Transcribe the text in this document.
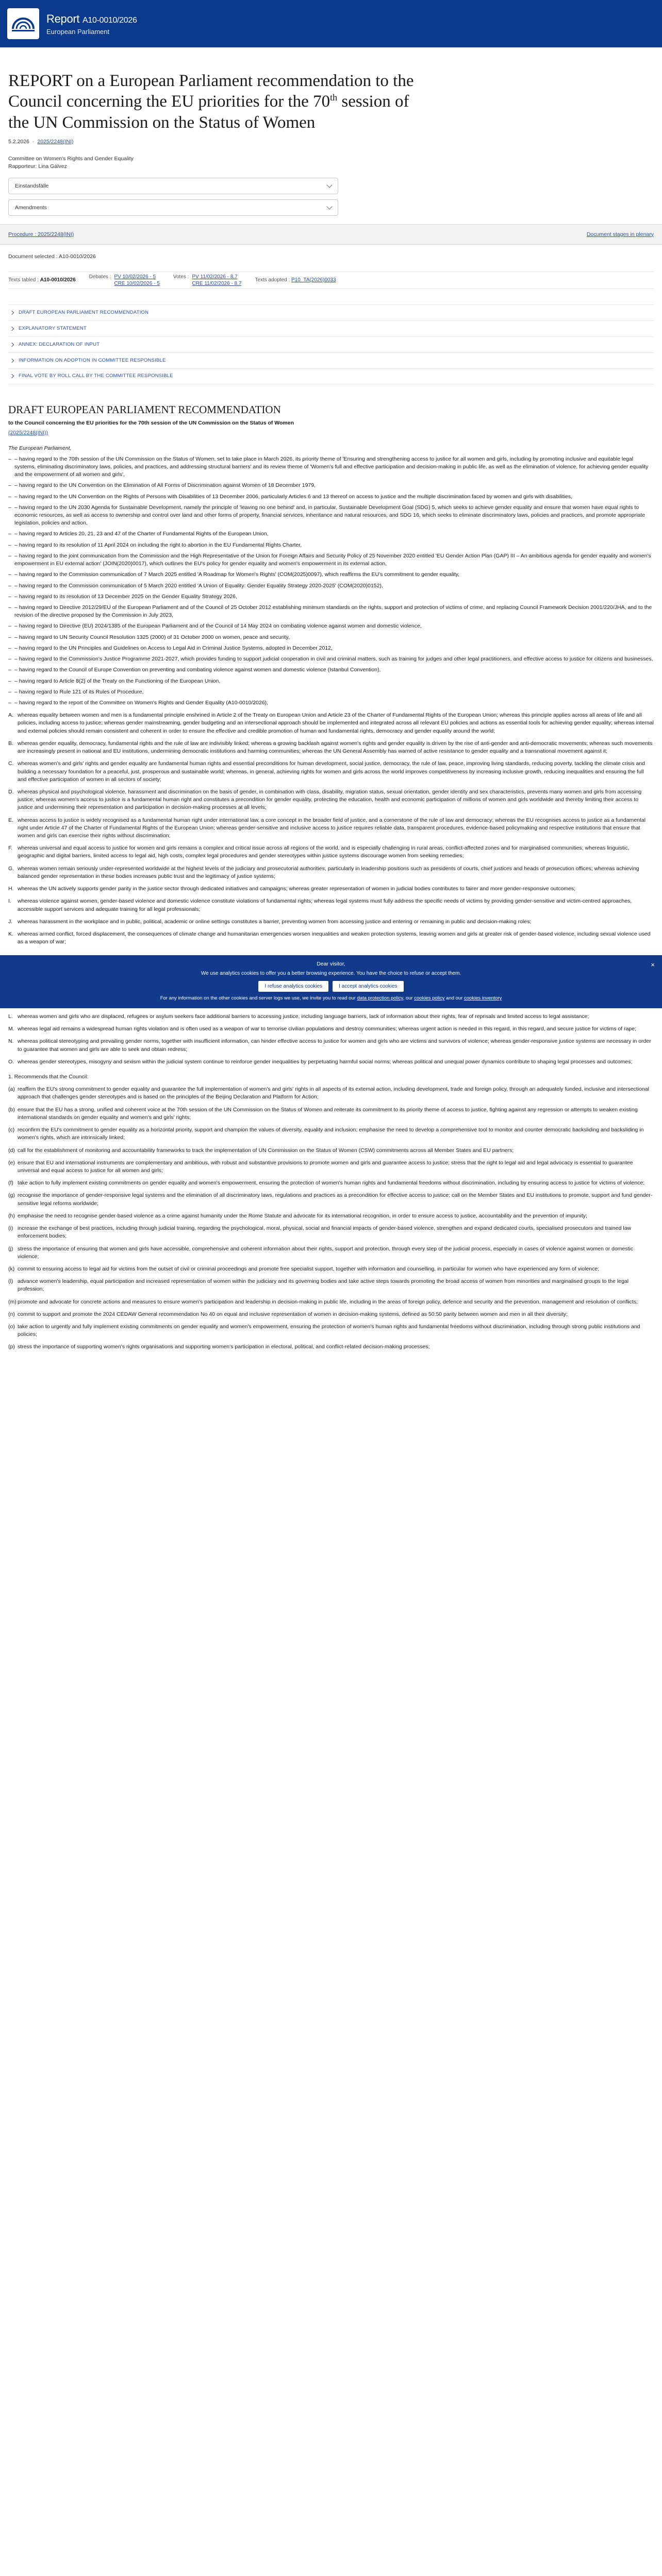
Report A10-0010/2026
European Parliament
REPORT on a European Parliament recommendation to the Council concerning the EU priorities for the 70th session of the UN Commission on the Status of Women
5.2.2026 - 2025/2248(INI)
Committee on Women's Rights and Gender Equality
Rapporteur: Lina Gálvez
Einstandsfälle
Amendments
Procedure : 2025/2248(INI)	Document stages in plenary
Document selected : A10-0010/2026
Texts tabled : A10-0010/2026
Debates : PV 10/02/2026 - 5
CRE 10/02/2026 - 5
Votes : PV 11/02/2026 - 8.7
CRE 11/02/2026 - 8.7
Texts adopted : P10_TA(2026)0033
DRAFT EUROPEAN PARLIAMENT RECOMMENDATION
EXPLANATORY STATEMENT
ANNEX: DECLARATION OF INPUT
INFORMATION ON ADOPTION IN COMMITTEE RESPONSIBLE
FINAL VOTE BY ROLL CALL BY THE COMMITTEE RESPONSIBLE
DRAFT EUROPEAN PARLIAMENT RECOMMENDATION
to the Council concerning the EU priorities for the 70th session of the UN Commission on the Status of Women
(2025/2248(INI))
The European Parliament,
– – having regard to the 70th session of the UN Commission on the Status of Women, set to take place in March 2026, its priority theme of 'Ensuring and strengthening access to justice for all women and girls, including by promoting inclusive and equitable legal systems, eliminating discriminatory laws, policies, and practices, and addressing structural barriers' and its review theme of 'Women's full and effective participation and decision-making in public life, as well as the elimination of violence, for achieving gender equality and the empowerment of all women and girls',
– – having regard to the UN Convention on the Elimination of All Forms of Discrimination against Women of 18 December 1979,
– – having regard to the UN Convention on the Rights of Persons with Disabilities of 13 December 2006, particularly Articles 6 and 13 thereof on access to justice and the multiple discrimination faced by women and girls with disabilities,
– – having regard to the UN 2030 Agenda for Sustainable Development, namely the principle of 'leaving no one behind' and, in particular, Sustainable Development Goal (SDG) 5, which seeks to achieve gender equality and ensure that women have equal rights to economic resources, as well as access to ownership and control over land and other forms of property, financial services, inheritance and natural resources, and SDG 16, which seeks to eliminate discriminatory laws, policies and practices, and promote appropriate legislation, policies and action,
– – having regard to Articles 20, 21, 23 and 47 of the Charter of Fundamental Rights of the European Union,
– – having regard to its resolution of 11 April 2024 on including the right to abortion in the EU Fundamental Rights Charter,
– – having regard to the joint communication from the Commission and the High Representative of the Union for Foreign Affairs and Security Policy of 25 November 2020 entitled 'EU Gender Action Plan (GAP) III – An ambitious agenda for gender equality and women's empowerment in EU external action' (JOIN(2020)0017), which outlines the EU's policy for gender equality and women's empowerment in its external action,
– – having regard to the Commission communication of 7 March 2025 entitled 'A Roadmap for Women's Rights' (COM(2025)0097), which reaffirms the EU's commitment to gender equality,
– – having regard to the Commission communication of 5 March 2020 entitled 'A Union of Equality: Gender Equality Strategy 2020-2025' (COM(2020)0152),
– – having regard to its resolution of 13 December 2025 on the Gender Equality Strategy 2026,
– – having regard to Directive 2012/29/EU of the European Parliament and of the Council of 25 October 2012 establishing minimum standards on the rights, support and protection of victims of crime, and replacing Council Framework Decision 2001/220/JHA, and to the revision of the directive proposed by the Commission in July 2023,
– – having regard to Directive (EU) 2024/1385 of the European Parliament and of the Council of 14 May 2024 on combating violence against women and domestic violence,
– – having regard to UN Security Council Resolution 1325 (2000) of 31 October 2000 on women, peace and security,
– – having regard to the UN Principles and Guidelines on Access to Legal Aid in Criminal Justice Systems, adopted in December 2012,
– – having regard to the Commission's Justice Programme 2021-2027, which provides funding to support judicial cooperation in civil and criminal matters, such as training for judges and other legal practitioners, and effective access to justice for citizens and businesses,
– – having regard to the Council of Europe Convention on preventing and combating violence against women and domestic violence (Istanbul Convention),
– – having regard to Article 8(2) of the Treaty on the Functioning of the European Union,
– – having regard to Rule 121 of its Rules of Procedure,
– – having regard to the report of the Committee on Women's Rights and Gender Equality (A10-0010/2026),
A. whereas equality between women and men is a fundamental principle enshrined in Article 2 of the Treaty on European Union and Article 23 of the Charter of Fundamental Rights of the European Union; whereas this principle applies across all areas of life and all policies, including access to justice; whereas gender mainstreaming, gender budgeting and an intersectional approach should be implemented and integrated across all relevant EU policies and actions as essential tools for achieving gender equality; whereas internal and external policies should remain consistent and coherent in order to ensure the effective and credible promotion of human and fundamental rights, democracy and gender equality around the world;
B. whereas gender equality, democracy, fundamental rights and the rule of law are indivisibly linked; whereas a growing backlash against women's rights and gender equality is driven by the rise of anti-gender and anti-democratic movements; whereas such movements are increasingly present in national and EU institutions, undermining democratic institutions and harming communities; whereas the UN General Assembly has warned of active resistance to gender equality and a transnational movement against it;
C. whereas women's and girls' rights and gender equality are fundamental human rights and essential preconditions for human development, social justice, democracy, the rule of law, peace, improving living standards, reducing poverty, tackling the climate crisis and building a necessary foundation for a peaceful, just, prosperous and sustainable world; whereas, in general, achieving rights for women and girls across the world improves competitiveness by increasing inclusive growth, reducing inequalities and ensuring the full and effective participation of women in all sectors of society;
D. whereas physical and psychological violence, harassment and discrimination on the basis of gender, in combination with class, disability, migration status, sexual orientation, gender identity and sex characteristics, prevents many women and girls from accessing justice; whereas women's access to justice is a fundamental human right and constitutes a precondition for gender equality, protecting the education, health and economic participation of millions of women and girls worldwide and thereby limiting their access to justice and undermining their representation and participation in decision-making processes at all levels;
E. whereas access to justice is widely recognised as a fundamental human right under international law, a core concept in the broader field of justice, and a cornerstone of the rule of law and democracy; whereas the EU recognises access to justice as a fundamental right under Article 47 of the Charter of Fundamental Rights of the European Union; whereas gender-sensitive and inclusive access to justice requires reliable data, transparent procedures, evidence-based policymaking and respective institutions that ensure that women and girls can exercise their rights without discrimination;
F. whereas universal and equal access to justice for women and girls remains a complex and critical issue across all regions of the world, and is especially challenging in rural areas, conflict-affected zones and for marginalised communities; whereas linguistic, geographic and digital barriers, limited access to legal aid, high costs, complex legal procedures and gender stereotypes within justice systems discourage women from seeking remedies;
G. whereas women remain seriously under-represented worldwide at the highest levels of the judiciary and prosecutorial authorities, particularly in leadership positions such as presidents of courts, chief justices and heads of prosecution offices; whereas achieving balanced gender representation in these bodies increases public trust and the legitimacy of justice systems;
H. whereas the UN actively supports gender parity in the justice sector through dedicated initiatives and campaigns; whereas greater representation of women in judicial bodies contributes to fairer and more gender-responsive outcomes;
I.	whereas violence against women, gender-based violence and domestic violence constitute violations of fundamental rights; whereas legal systems must fully address the specific needs of victims by providing gender-sensitive and victim-centred approaches, accessible support services and adequate training for all legal professionals;
J. whereas harassment in the workplace and in public, political, academic or online settings constitutes a barrier, preventing women from accessing justice and entering or remaining in public and decision-making roles;
K. whereas armed conflict, forced displacement, the consequences of climate change and humanitarian emergencies worsen inequalities and weaken protection systems, leaving women and girls at greater risk of gender-based violence, including sexual violence used as a weapon of war;
Dear visitor,
We use analytics cookies to offer you a better browsing experience. You have the choice to refuse or accept them.
I refuse analytics cookies	I accept analytics cookies
For any information on the other cookies and server logs we use, we invite you to read our data protection policy, our cookies policy and our cookies inventory
×
L. whereas women and girls who are displaced, refugees or asylum seekers face additional barriers to accessing justice, including language barriers, lack of information about their rights, fear of reprisals and limited access to legal assistance;
M. whereas legal aid remains a widespread human rights violation and is often used as a weapon of war to terrorise civilian populations and destroy communities; whereas urgent action is needed in this regard, in this regard, and secure justice for victims of rape;
N. whereas political stereotyping and prevailing gender norms, together with insufficient information, can hinder effective access to justice for women and girls who are victims and survivors of violence; whereas gender-responsive justice systems are necessary in order to guarantee that women and girls are able to seek and obtain redress;
O. whereas gender stereotypes, misogyny and sexism within the judicial system continue to reinforce gender inequalities by perpetuating harmful social norms; whereas political and unequal power dynamics contribute to shaping legal processes and outcomes;
1. Recommends that the Council:
(a) reaffirm the EU's strong commitment to gender equality and guarantee the full implementation of women's and girls' rights in all aspects of its external action, including development, trade and foreign policy, through an adequately funded, inclusive and intersectional approach that challenges gender stereotypes and is based on the principles of the Beijing Declaration and Platform for Action;
(b) ensure that the EU has a strong, unified and coherent voice at the 70th session of the UN Commission on the Status of Women and reiterate its commitment to its priority theme of access to justice, fighting against any regression or attempts to weaken existing international standards on gender equality and women's and girls' rights;
(c) reconfirm the EU's commitment to gender equality as a horizontal priority, support and champion the values of diversity, equality and inclusion; emphasise the need to develop a comprehensive tool to monitor and counter democratic backsliding and backsliding in women's rights, which are intrinsically linked;
(d) call for the establishment of monitoring and accountability frameworks to track the implementation of UN Commission on the Status of Women (CSW) commitments across all Member States and EU partners;
(e) ensure that EU and international instruments are complementary and ambitious, with robust and substantive provisions to promote women and girls and guarantee access to justice; stress that the right to legal aid and legal advocacy is essential to guarantee universal and equal access to justice for all women and girls;
(f) take action to fully implement existing commitments on gender equality and women's empowerment, ensuring the protection of women's human rights and fundamental freedoms without discrimination, including by ensuring access to justice for victims of violence;
(g) recognise the importance of gender-responsive legal systems and the elimination of all discriminatory laws, regulations and practices as a precondition for effective access to justice; call on the Member States and EU institutions to promote, support and fund gender-sensitive legal reforms worldwide;
(h) emphasise the need to recognise gender-based violence as a crime against humanity under the Rome Statute and advocate for its international recognition, in order to ensure access to justice, accountability and the prevention of impunity;
(i) increase the exchange of best practices, including through judicial training, regarding the psychological, moral, physical, social and financial impacts of gender-based violence, strengthen and expand dedicated courts, specialised prosecutors and trained law enforcement bodies;
(j) stress the importance of ensuring that women and girls have accessible, comprehensive and coherent information about their rights, support and protection, through every step of the judicial process, especially in cases of violence against women or domestic violence;
(k) commit to ensuring access to legal aid for victims from the outset of civil or criminal proceedings and promote free specialist support, together with information and counselling, in particular for women who have experienced any form of violence;
(l) advance women's leadership, equal participation and increased representation of women within the judiciary and its governing bodies and take active steps towards promoting the broad access of women from minorities and marginalised groups to the legal profession;
(m) promote and advocate for concrete actions and measures to ensure women's participation and leadership in decision-making in public life, including in the areas of foreign policy, defence and security and the prevention, management and resolution of conflicts;
(n) commit to support and promote the 2024 CEDAW General recommendation No 40 on equal and inclusive representation of women in decision-making systems, defined as 50:50 parity between women and men in all their diversity;
(o) take action to urgently and fully implement existing commitments on gender equality and women's empowerment, ensuring the protection of women's human rights and fundamental freedoms without discrimination, including through strong public institutions and policies;
(p) stress the importance of supporting women's rights organisations and supporting women's participation in electoral, political, and conflict-related decision-making processes;
